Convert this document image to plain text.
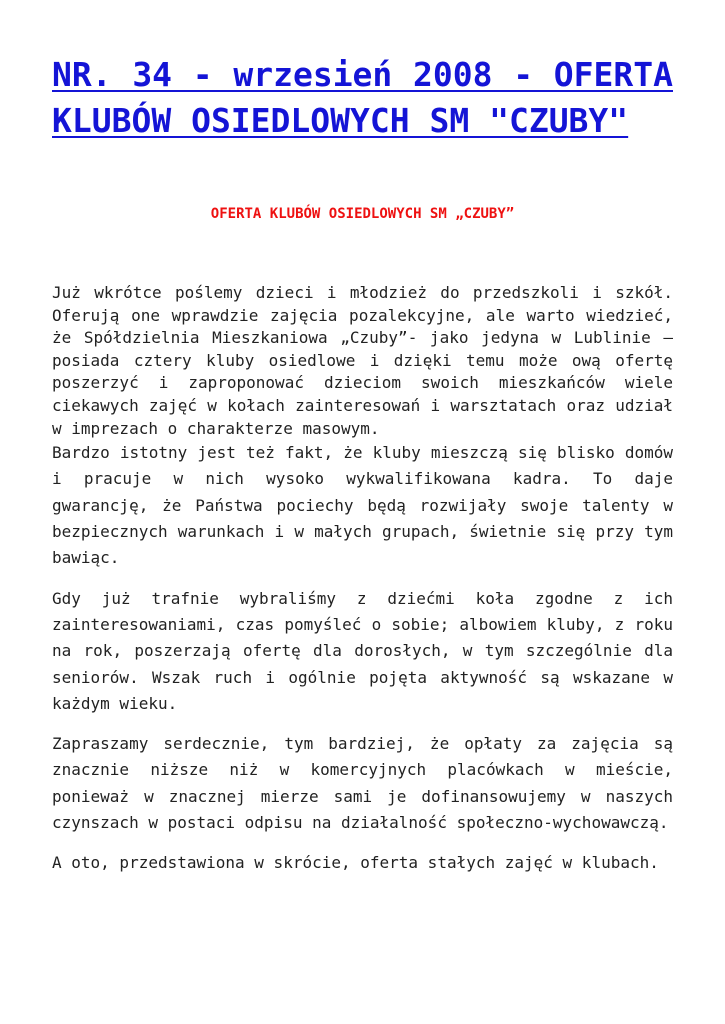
NR. 34 - wrzesień 2008 - OFERTA KLUBÓW OSIEDLOWYCH SM "CZUBY"
OFERTA KLUBÓW OSIEDLOWYCH SM „CZUBY”

Już wkrótce poślemy dzieci i młodzież do przedszkoli i szkół. Oferują one wprawdzie zajęcia pozalekcyjne, ale warto wiedzieć, że Spółdzielnia Mieszkaniowa „Czuby”- jako jedyna w Lublinie – posiada cztery kluby osiedlowe i dzięki temu może ową ofertę poszerzyć i zaproponować dzieciom swoich mieszkańców wiele ciekawych zajęć w kołach zainteresowań i warsztatach oraz udział w imprezach o charakterze masowym.

Bardzo istotny jest też fakt, że kluby mieszczą się blisko domów i pracuje w nich wysoko wykwalifikowana kadra. To daje gwarancję, że Państwa pociechy będą rozwijały swoje talenty w bezpiecznych warunkach i w małych grupach, świetnie się przy tym bawiąc.

Gdy już trafnie wybraliśmy z dziećmi koła zgodne z ich zainteresowaniami, czas pomyśleć o sobie; albowiem kluby, z roku na rok, poszerzają ofertę dla dorosłych, w tym szczególnie dla seniorów. Wszak ruch i ogólnie pojęta aktywność są wskazane w każdym wieku.

Zapraszamy serdecznie, tym bardziej, że opłaty za zajęcia są znacznie niższe niż w komercyjnych placówkach w mieście, ponieważ w znacznej mierze sami je dofinansowujemy w naszych czynszach w postaci odpisu na działalność społeczno-wychowawczą.

A oto, przedstawiona w skrócie, oferta stałych zajęć w klubach.
